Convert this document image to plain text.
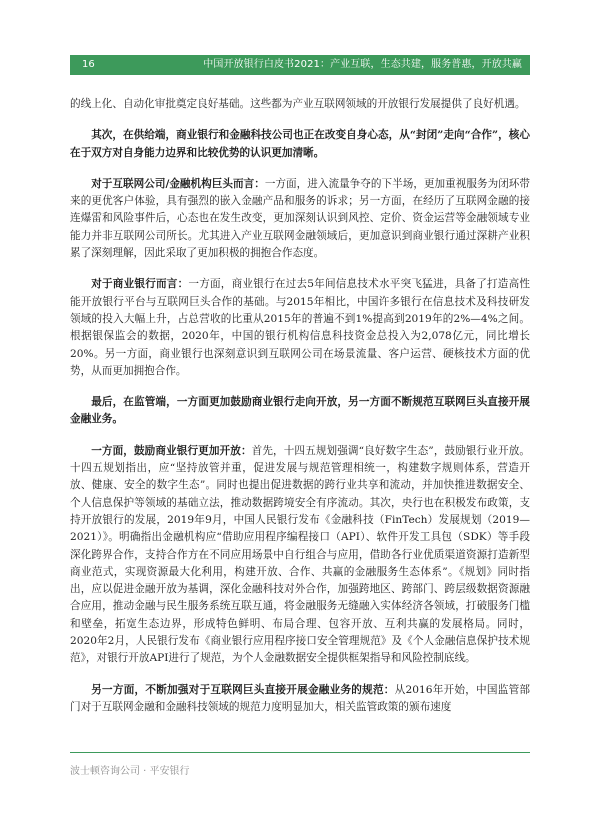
16	中国开放银行白皮书2021：产业互联，生态共建，服务普惠，开放共赢

的线上化、自动化审批奠定良好基础。这些都为产业互联网领域的开放银行发展提供了良好机遇。

其次，在供给端，商业银行和金融科技公司也正在改变自身心态，从“封闭”走向“合作”，核心在于双方对自身能力边界和比较优势的认识更加清晰。

对于互联网公司/金融机构巨头而言：一方面，进入流量争夺的下半场，更加重视服务为闭环带来的更优客户体验，具有强烈的嵌入金融产品和服务的诉求；另一方面，在经历了互联网金融的接连爆雷和风险事件后，心态也在发生改变，更加深刻认识到风控、定价、资金运营等金融领域专业能力并非互联网公司所长。尤其进入产业互联网金融领域后，更加意识到商业银行通过深耕产业积累了深刻理解，因此采取了更加积极的拥抱合作态度。

对于商业银行而言：一方面，商业银行在过去5年间信息技术水平突飞猛进，具备了打造高性能开放银行平台与互联网巨头合作的基础。与2015年相比，中国许多银行在信息技术及科技研发领域的投入大幅上升，占总营收的比重从2015年的普遍不到1%提高到2019年的2%—4%之间。根据银保监会的数据，2020年，中国的银行机构信息科技资金总投入为2,078亿元，同比增长20%。另一方面，商业银行也深刻意识到互联网公司在场景流量、客户运营、硬核技术方面的优势，从而更加拥抱合作。

最后，在监管端，一方面更加鼓励商业银行走向开放，另一方面不断规范互联网巨头直接开展金融业务。

一方面，鼓励商业银行更加开放：首先，十四五规划强调“良好数字生态”，鼓励银行业开放。十四五规划指出，应“坚持放管并重，促进发展与规范管理相统一，构建数字规则体系，营造开放、健康、安全的数字生态”。同时也提出促进数据的跨行业共享和流动，并加快推进数据安全、个人信息保护等领域的基础立法，推动数据跨境安全有序流动。其次，央行也在积极发布政策，支持开放银行的发展，2019年9月，中国人民银行发布《金融科技（FinTech）发展规划（2019—2021）》。明确指出金融机构应“借助应用程序编程接口（API）、软件开发工具包（SDK）等手段深化跨界合作，支持合作方在不同应用场景中自行组合与应用，借助各行业优质渠道资源打造新型商业范式，实现资源最大化利用，构建开放、合作、共赢的金融服务生态体系”。《规划》同时指出，应以促进金融开放为基调，深化金融科技对外合作，加强跨地区、跨部门、跨层级数据资源融合应用，推动金融与民生服务系统互联互通，将金融服务无缝融入实体经济各领域，打破服务门槛和壁垒，拓宽生态边界，形成特色鲜明、布局合理、包容开放、互利共赢的发展格局。同时，2020年2月，人民银行发布《商业银行应用程序接口安全管理规范》及《个人金融信息保护技术规范》，对银行开放API进行了规范，为个人金融数据安全提供框架指导和风险控制底线。

另一方面，不断加强对于互联网巨头直接开展金融业务的规范：从2016年开始，中国监管部门对于互联网金融和金融科技领域的规范力度明显加大，相关监管政策的颁布速度

波士顿咨询公司 · 平安银行
